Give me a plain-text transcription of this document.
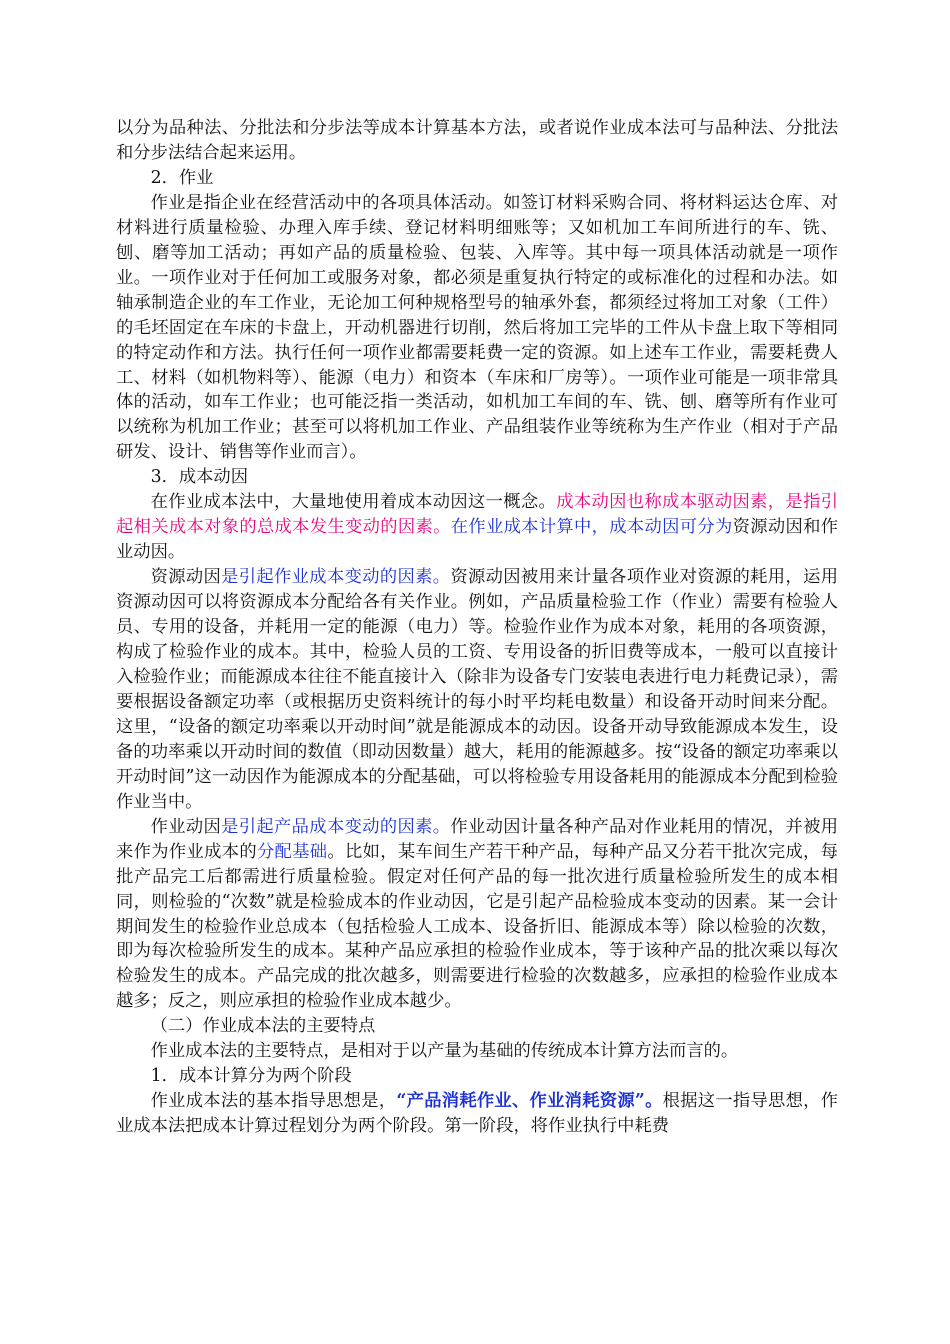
以分为品种法、分批法和分步法等成本计算基本方法，或者说作业成本法可与品种法、分批法和分步法结合起来运用。

2．作业

作业是指企业在经营活动中的各项具体活动。如签订材料采购合同、将材料运达仓库、对材料进行质量检验、办理入库手续、登记材料明细账等；又如机加工车间所进行的车、铣、刨、磨等加工活动；再如产品的质量检验、包装、入库等。其中每一项具体活动就是一项作业。一项作业对于任何加工或服务对象，都必须是重复执行特定的或标准化的过程和办法。如轴承制造企业的车工作业，无论加工何种规格型号的轴承外套，都须经过将加工对象（工件）的毛坯固定在车床的卡盘上，开动机器进行切削，然后将加工完毕的工件从卡盘上取下等相同的特定动作和方法。执行任何一项作业都需要耗费一定的资源。如上述车工作业，需要耗费人工、材料（如机物料等）、能源（电力）和资本（车床和厂房等）。一项作业可能是一项非常具体的活动，如车工作业；也可能泛指一类活动，如机加工车间的车、铣、刨、磨等所有作业可以统称为机加工作业；甚至可以将机加工作业、产品组装作业等统称为生产作业（相对于产品研发、设计、销售等作业而言）。

3．成本动因

在作业成本法中，大量地使用着成本动因这一概念。成本动因也称成本驱动因素，是指引起相关成本对象的总成本发生变动的因素。在作业成本计算中，成本动因可分为资源动因和作业动因。

资源动因是引起作业成本变动的因素。资源动因被用来计量各项作业对资源的耗用，运用资源动因可以将资源成本分配给各有关作业。例如，产品质量检验工作（作业）需要有检验人员、专用的设备，并耗用一定的能源（电力）等。检验作业作为成本对象，耗用的各项资源，构成了检验作业的成本。其中，检验人员的工资、专用设备的折旧费等成本，一般可以直接计入检验作业；而能源成本往往不能直接计入（除非为设备专门安装电表进行电力耗费记录），需要根据设备额定功率（或根据历史资料统计的每小时平均耗电数量）和设备开动时间来分配。这里，“设备的额定功率乘以开动时间”就是能源成本的动因。设备开动导致能源成本发生，设备的功率乘以开动时间的数值（即动因数量）越大，耗用的能源越多。按“设备的额定功率乘以开动时间”这一动因作为能源成本的分配基础，可以将检验专用设备耗用的能源成本分配到检验作业当中。

作业动因是引起产品成本变动的因素。作业动因计量各种产品对作业耗用的情况，并被用来作为作业成本的分配基础。比如，某车间生产若干种产品，每种产品又分若干批次完成，每批产品完工后都需进行质量检验。假定对任何产品的每一批次进行质量检验所发生的成本相同，则检验的“次数”就是检验成本的作业动因，它是引起产品检验成本变动的因素。某一会计期间发生的检验作业总成本（包括检验人工成本、设备折旧、能源成本等）除以检验的次数，即为每次检验所发生的成本。某种产品应承担的检验作业成本，等于该种产品的批次乘以每次检验发生的成本。产品完成的批次越多，则需要进行检验的次数越多，应承担的检验作业成本越多；反之，则应承担的检验作业成本越少。

（二）作业成本法的主要特点

作业成本法的主要特点，是相对于以产量为基础的传统成本计算方法而言的。

1．成本计算分为两个阶段

作业成本法的基本指导思想是，“产品消耗作业、作业消耗资源”。根据这一指导思想，作业成本法把成本计算过程划分为两个阶段。第一阶段，将作业执行中耗费
